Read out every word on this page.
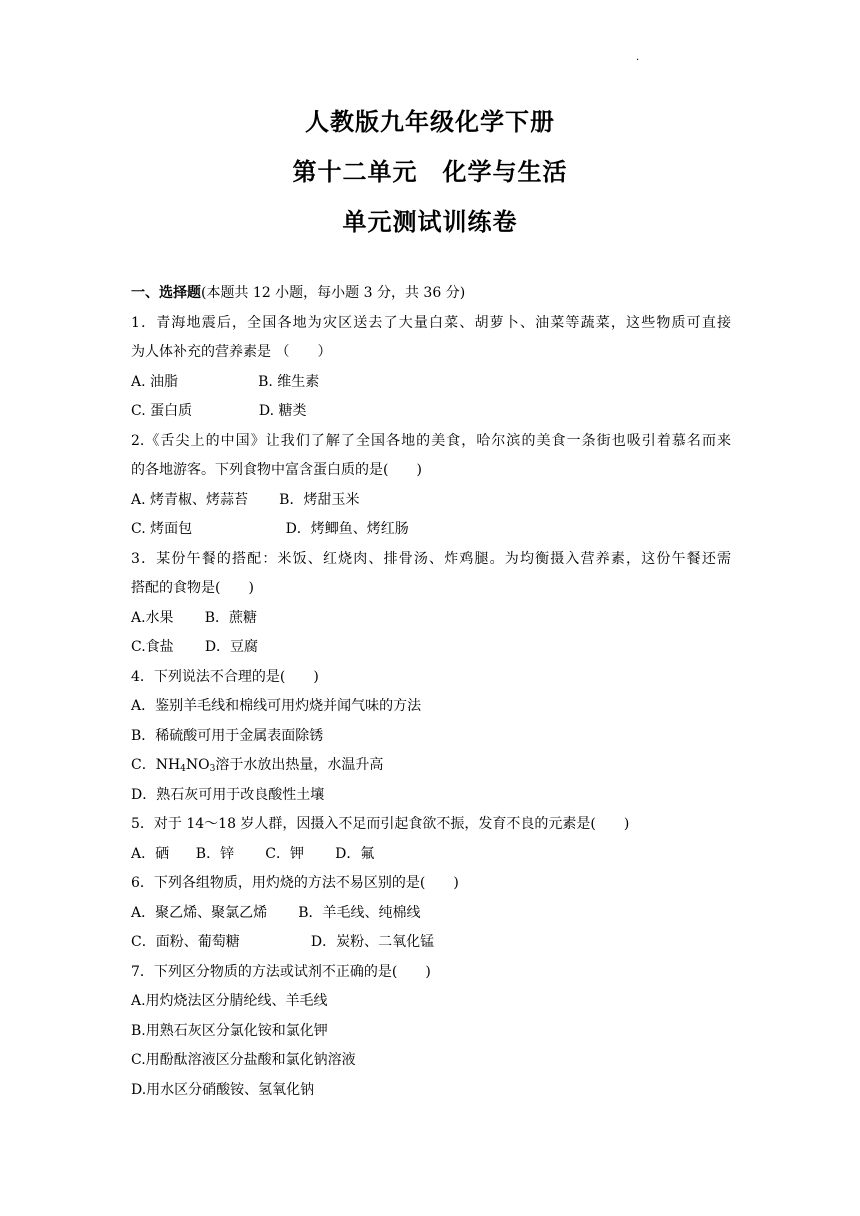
·
人教版九年级化学下册
第十二单元　化学与生活
单元测试训练卷
一、选择题(本题共 12 小题，每小题 3 分，共 36 分)
1．青海地震后，全国各地为灾区送去了大量白菜、胡萝卜、油菜等蔬菜，这些物质可直接
为人体补充的营养素是 （　　）
A. 油脂                  B. 维生素
C. 蛋白质               D. 糖类
2.《舌尖上的中国》让我们了解了全国各地的美食，哈尔滨的美食一条街也吸引着慕名而来
的各地游客。下列食物中富含蛋白质的是(　　)
A. 烤青椒、烤蒜苔       B．烤甜玉米
C. 烤面包                     D．烤鲫鱼、烤红肠
3．某份午餐的搭配：米饭、红烧肉、排骨汤、炸鸡腿。为均衡摄入营养素，这份午餐还需
搭配的食物是(　　)
A.水果       B．蔗糖
C.食盐       D．豆腐
4．下列说法不合理的是(　　)
A．鉴别羊毛线和棉线可用灼烧并闻气味的方法
B．稀硫酸可用于金属表面除锈
C．$NH_4NO_3$溶于水放出热量，水温升高
D．熟石灰可用于改良酸性土壤
5．对于 14～18 岁人群，因摄入不足而引起食欲不振，发育不良的元素是(　　)
A．硒      B．锌       C．钾       D．氟
6．下列各组物质，用灼烧的方法不易区别的是(　　)
A．聚乙烯、聚氯乙烯       B．羊毛线、纯棉线
C．面粉、葡萄糖                D．炭粉、二氧化锰
7．下列区分物质的方法或试剂不正确的是(　　)
A.用灼烧法区分腈纶线、羊毛线
B.用熟石灰区分氯化铵和氯化钾
C.用酚酞溶液区分盐酸和氯化钠溶液
D.用水区分硝酸铵、氢氧化钠
